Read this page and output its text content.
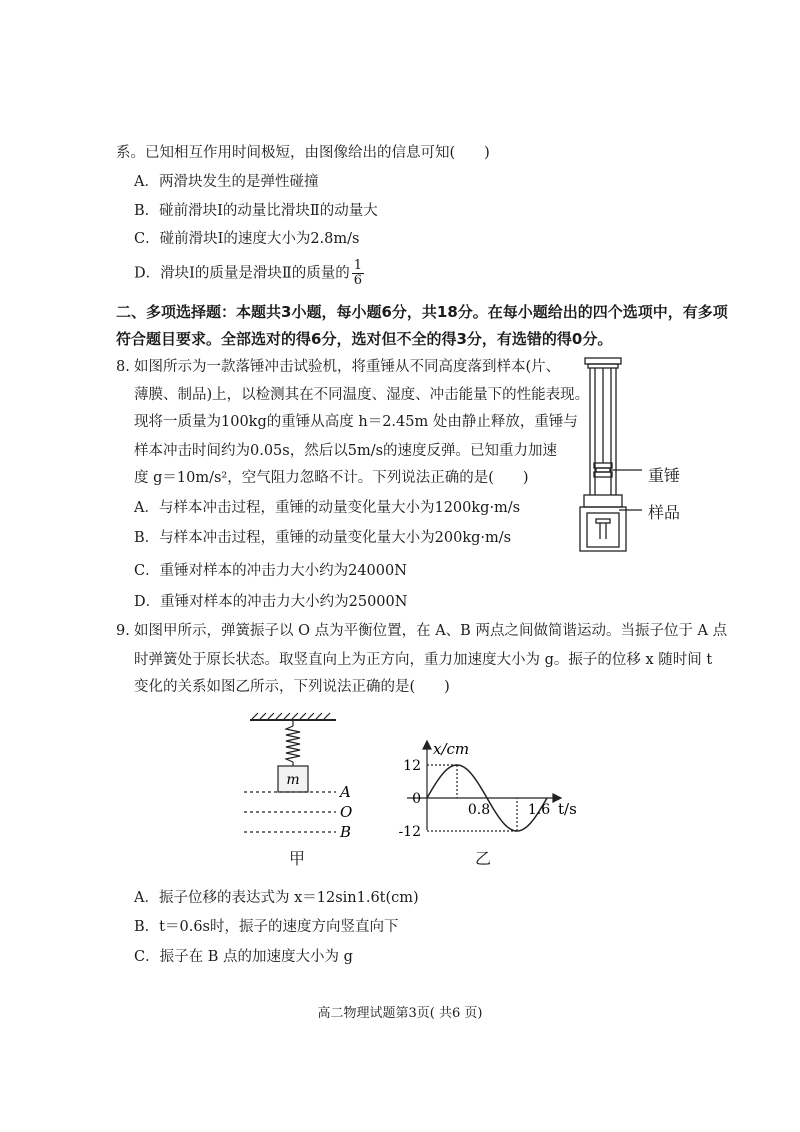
系。已知相互作用时间极短，由图像给出的信息可知(　　)
A．两滑块发生的是弹性碰撞
B．碰前滑块Ⅰ的动量比滑块Ⅱ的动量大
C．碰前滑块Ⅰ的速度大小为2.8m/s
D．滑块Ⅰ的质量是滑块Ⅱ的质量的 $\frac{1}{6}$
二、多项选择题：本题共3小题，每小题6分，共18分。在每小题给出的四个选项中，有多项
符合题目要求。全部选对的得6分，选对但不全的得3分，有选错的得0分。
8. 如图所示为一款落锤冲击试验机，将重锤从不同高度落到样本(片、
薄膜、制品)上，以检测其在不同温度、湿度、冲击能量下的性能表现。
现将一质量为100kg的重锤从高度 h＝2.45m 处由静止释放，重锤与
样本冲击时间约为0.05s，然后以5m/s的速度反弹。已知重力加速
度 g＝10m/s²，空气阻力忽略不计。下列说法正确的是(　　)
A．与样本冲击过程，重锤的动量变化量大小为1200kg·m/s
B．与样本冲击过程，重锤的动量变化量大小为200kg·m/s
C．重锤对样本的冲击力大小约为24000N
D．重锤对样本的冲击力大小约为25000N
重锤
样品
9. 如图甲所示，弹簧振子以 O 点为平衡位置，在 A、B 两点之间做简谐运动。当振子位于 A 点
时弹簧处于原长状态。取竖直向上为正方向，重力加速度大小为 g。振子的位移 x 随时间 t
变化的关系如图乙所示，下列说法正确的是(　　)
m
A
O
B
甲
x/cm
t/s
12
0
-12
0.8	1.6
乙
A．振子位移的表达式为 x＝12sin1.6t(cm)
B．t＝0.6s时，振子的速度方向竖直向下
C．振子在 B 点的加速度大小为 g
高二物理试题第3页( 共6 页)
